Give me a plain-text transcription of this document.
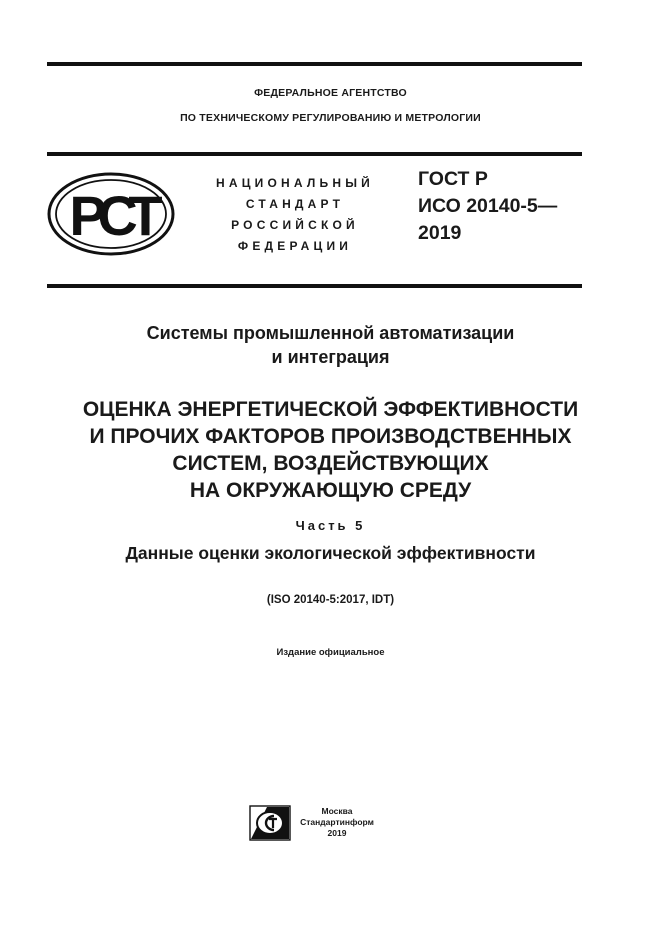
ФЕДЕРАЛЬНОЕ АГЕНТСТВО
ПО ТЕХНИЧЕСКОМУ РЕГУЛИРОВАНИЮ И МЕТРОЛОГИИ
РСТ
НАЦИОНАЛЬНЫЙ
СТАНДАРТ
РОССИЙСКОЙ
ФЕДЕРАЦИИ
ГОСТ Р
ИСО 20140-5—
2019
Системы промышленной автоматизации
и интеграция
ОЦЕНКА ЭНЕРГЕТИЧЕСКОЙ ЭФФЕКТИВНОСТИ
И ПРОЧИХ ФАКТОРОВ ПРОИЗВОДСТВЕННЫХ
СИСТЕМ, ВОЗДЕЙСТВУЮЩИХ
НА ОКРУЖАЮЩУЮ СРЕДУ
Часть 5
Данные оценки экологической эффективности
(ISO 20140-5:2017, IDT)
Издание официальное
Москва
Стандартинформ
2019
